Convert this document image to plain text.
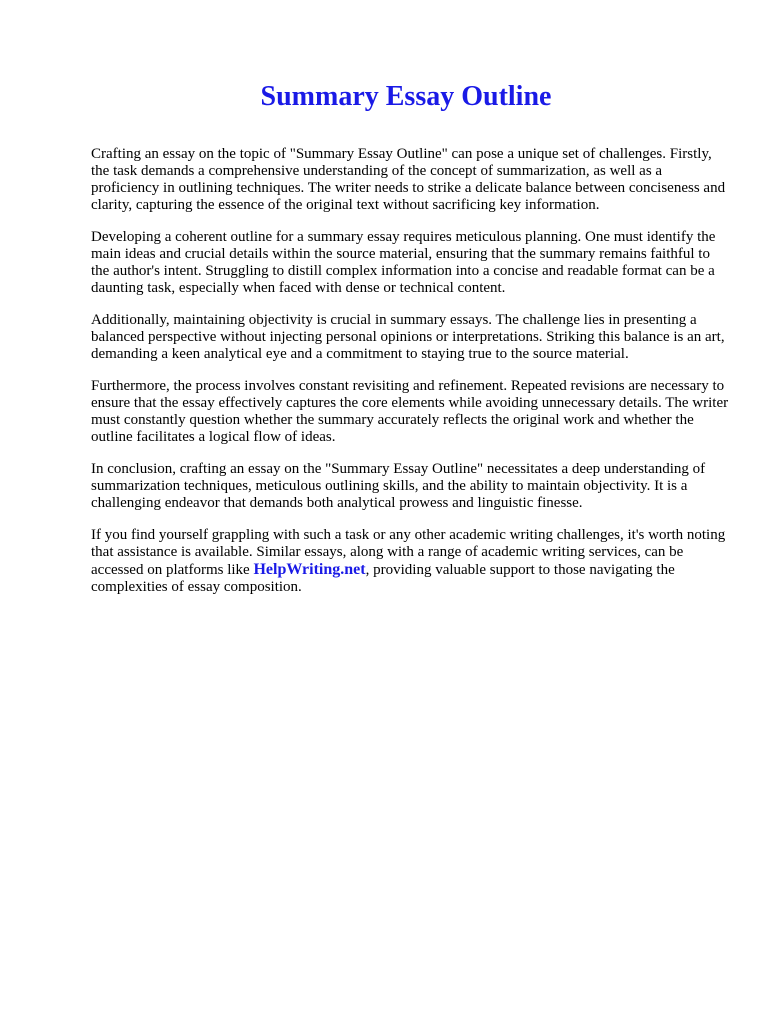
Summary Essay Outline

Crafting an essay on the topic of "Summary Essay Outline" can pose a unique set of challenges. Firstly, the task demands a comprehensive understanding of the concept of summarization, as well as a proficiency in outlining techniques. The writer needs to strike a delicate balance between conciseness and clarity, capturing the essence of the original text without sacrificing key information.

Developing a coherent outline for a summary essay requires meticulous planning. One must identify the main ideas and crucial details within the source material, ensuring that the summary remains faithful to the author's intent. Struggling to distill complex information into a concise and readable format can be a daunting task, especially when faced with dense or technical content.

Additionally, maintaining objectivity is crucial in summary essays. The challenge lies in presenting a balanced perspective without injecting personal opinions or interpretations. Striking this balance is an art, demanding a keen analytical eye and a commitment to staying true to the source material.

Furthermore, the process involves constant revisiting and refinement. Repeated revisions are necessary to ensure that the essay effectively captures the core elements while avoiding unnecessary details. The writer must constantly question whether the summary accurately reflects the original work and whether the outline facilitates a logical flow of ideas.

In conclusion, crafting an essay on the "Summary Essay Outline" necessitates a deep understanding of summarization techniques, meticulous outlining skills, and the ability to maintain objectivity. It is a challenging endeavor that demands both analytical prowess and linguistic finesse.

If you find yourself grappling with such a task or any other academic writing challenges, it's worth noting that assistance is available. Similar essays, along with a range of academic writing services, can be accessed on platforms like HelpWriting.net, providing valuable support to those navigating the complexities of essay composition.
